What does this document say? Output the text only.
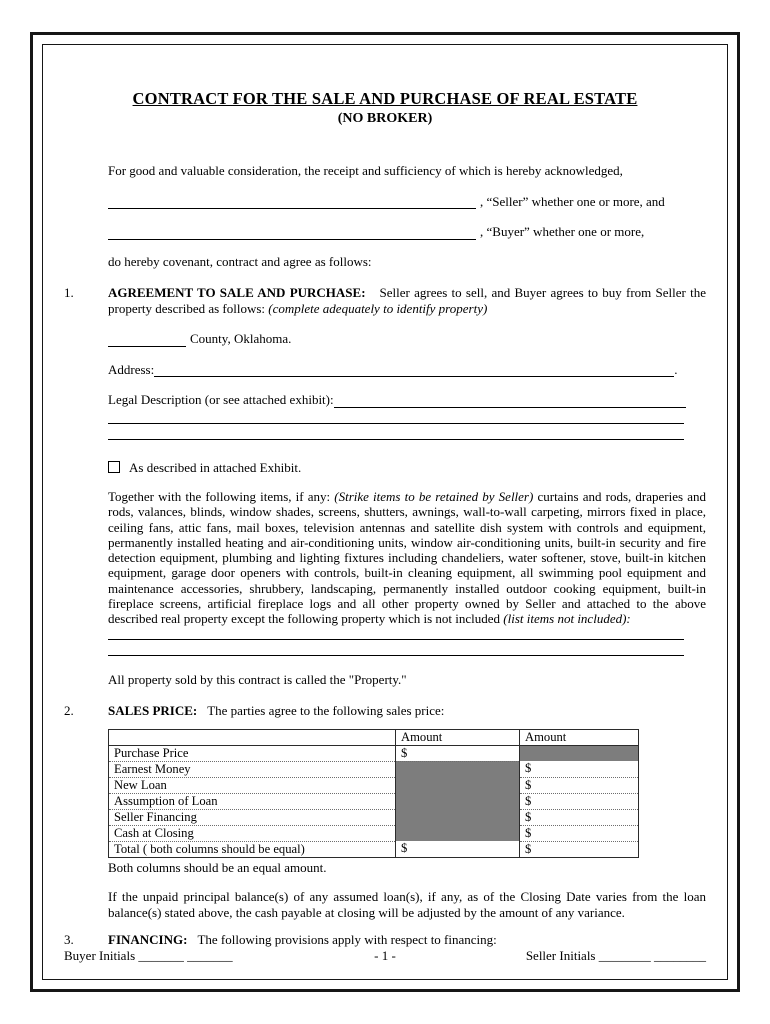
CONTRACT FOR THE SALE AND PURCHASE OF REAL ESTATE
(NO BROKER)

For good and valuable consideration, the receipt and sufficiency of which is hereby acknowledged,

, “Seller” whether one or more, and
, “Buyer” whether one or more,

do hereby covenant, contract and agree as follows:

1.	AGREEMENT TO SALE AND PURCHASE: Seller agrees to sell, and Buyer agrees to buy from Seller the property described as follows: (complete adequately to identify property)

County, Oklahoma.
Address:	.
Legal Description (or see attached exhibit):
As described in attached Exhibit.

Together with the following items, if any: (Strike items to be retained by Seller) curtains and rods, draperies and rods, valances, blinds, window shades, screens, shutters, awnings, wall-to-wall carpeting, mirrors fixed in place, ceiling fans, attic fans, mail boxes, television antennas and satellite dish system with controls and equipment, permanently installed heating and air-conditioning units, window air-conditioning units, built-in security and fire detection equipment, plumbing and lighting fixtures including chandeliers, water softener, stove, built-in kitchen equipment, garage door openers with controls, built-in cleaning equipment, all swimming pool equipment and maintenance accessories, shrubbery, landscaping, permanently installed outdoor cooking equipment, built-in fireplace screens, artificial fireplace logs and all other property owned by Seller and attached to the above described real property except the following property which is not included (list items not included):

All property sold by this contract is called the "Property."

2.	SALES PRICE: The parties agree to the following sales price:

	Amount	Amount
Purchase Price	$	
Earnest Money		$
New Loan		$
Assumption of Loan		$
Seller Financing		$
Cash at Closing		$
Total ( both columns should be equal)	$	$

Both columns should be an equal amount.

If the unpaid principal balance(s) of any assumed loan(s), if any, as of the Closing Date varies from the loan balance(s) stated above, the cash payable at closing will be adjusted by the amount of any variance.

3.	FINANCING: The following provisions apply with respect to financing:

Buyer Initials _______ _______	- 1 -	Seller Initials ________ ________
